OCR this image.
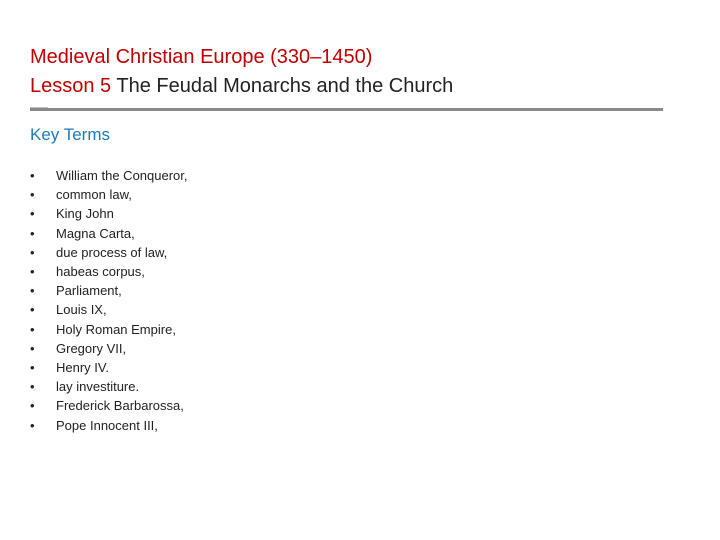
Medieval Christian Europe (330–1450)
Lesson 5 The Feudal Monarchs and the Church
Key Terms
•	William the Conqueror,
•	common law,
•	King John
•	Magna Carta,
•	due process of law,
•	habeas corpus,
•	Parliament,
•	Louis IX,
•	Holy Roman Empire,
•	Gregory VII,
•	Henry IV.
•	lay investiture.
•	Frederick Barbarossa,
•	Pope Innocent III,
